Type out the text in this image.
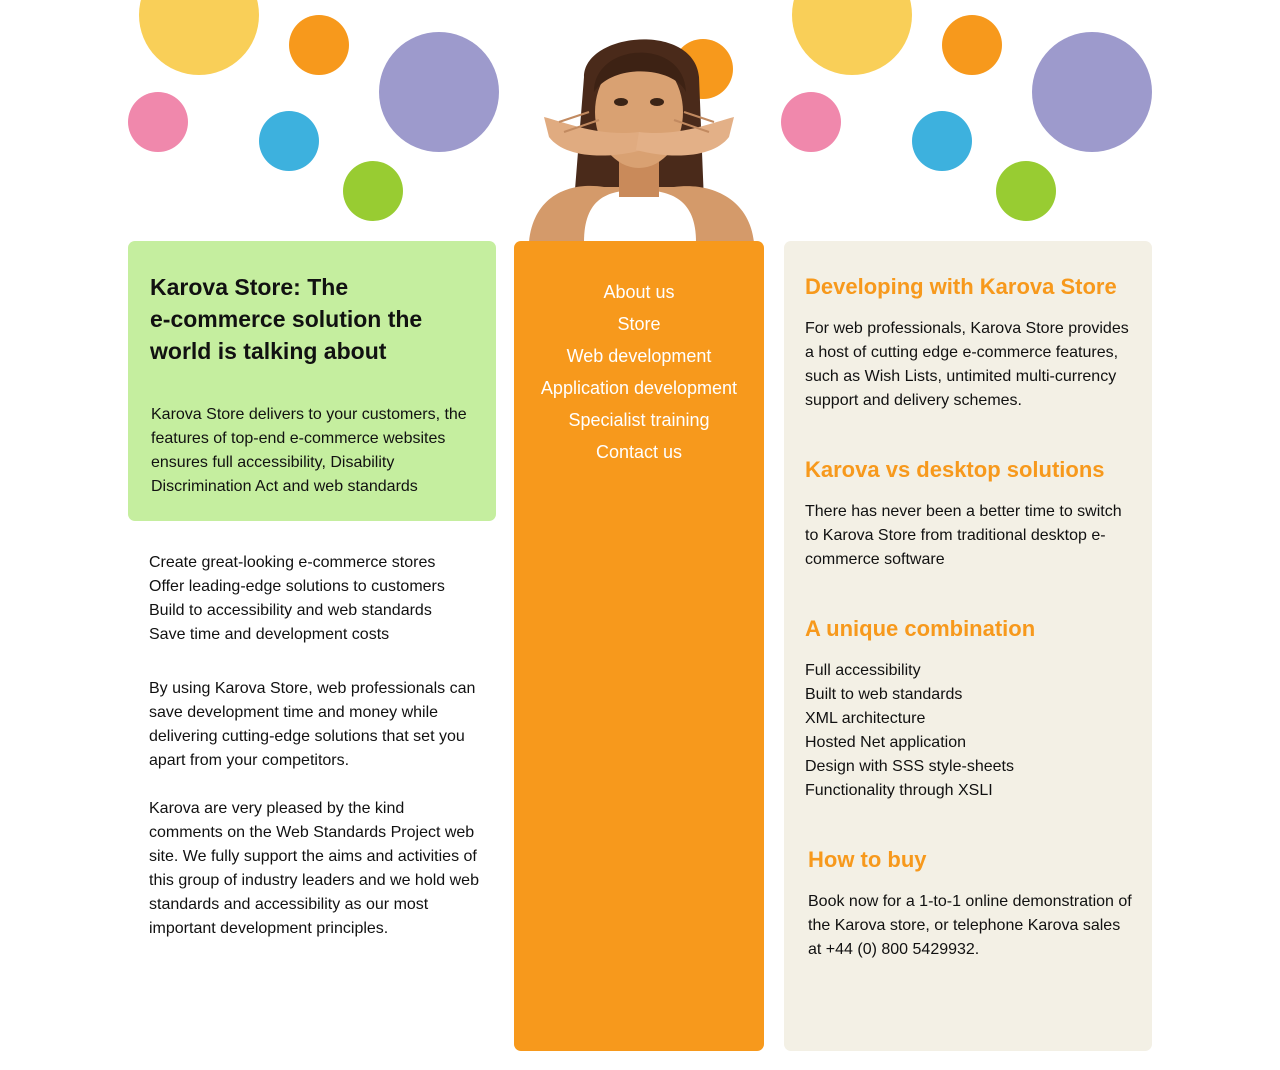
Karova Store: The
e-commerce solution the
world is talking about

Karova Store delivers to your customers, the features of top-end e-commerce websites ensures full accessibility, Disability Discrimination Act and web standards

Create great-looking e-commerce stores

Offer leading-edge solutions to customers

Build to accessibility and web standards

Save time and development costs

By using Karova Store, web professionals can save development time and money while delivering cutting-edge solutions that set you apart from your competitors.

Karova are very pleased by the kind comments on the Web Standards Project web site. We fully support the aims and activities of this group of industry leaders and we hold web standards and accessibility as our most important development principles.

About us
Store
Web development
Application development
Specialist training
Contact us
Developing with Karova Store

For web professionals, Karova Store provides a host of cutting edge e-commerce features, such as Wish Lists, untimited multi-currency support and delivery schemes.

Karova vs desktop solutions

There has never been a better time to switch to Karova Store from traditional desktop e-commerce software

A unique combination
Full accessibility
Built to web standards
XML architecture
Hosted Net application
Design with SSS style-sheets
Functionality through XSLI
How to buy

Book now for a 1-to-1 online demonstration of the Karova store, or telephone Karova sales at +44 (0) 800 5429932.
